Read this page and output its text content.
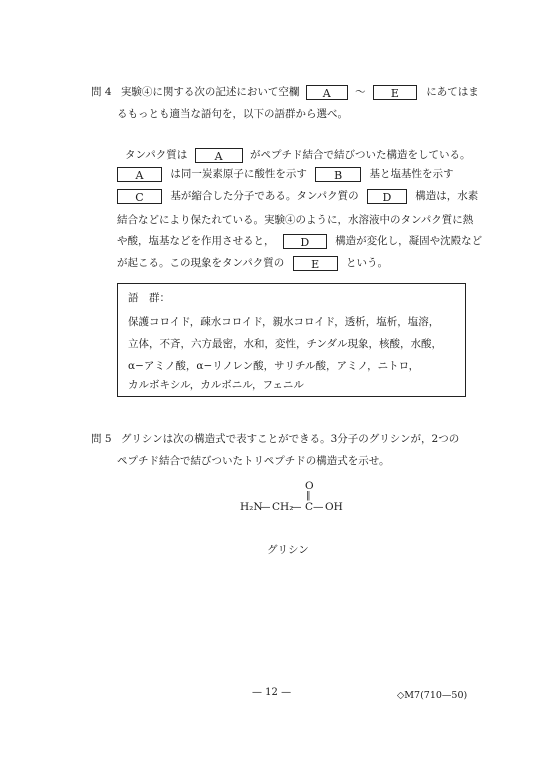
問 4 実験④に関する次の記述において空欄 A 〜 E	にあてはま
るもっとも適当な語句を，以下の語群から選べ。
タンパク質は A	がペプチド結合で結びついた構造をしている。
A	は同一炭素原子に酸性を示す B	基と塩基性を示す
C	基が縮合した分子である。タンパク質の D 構造は，水素
結合などにより保たれている。実験④のように，水溶液中のタンパク質に熱
や酸，塩基などを作用させると， D 構造が変化し，凝固や沈殿など
が起こる。この現象をタンパク質の E	という。
語　群：
保護コロイド，疎水コロイド，親水コロイド，透析，塩析，塩溶，
立体，不斉，六方最密，水和，変性，チンダル現象，核酸，水酸，
α−アミノ酸，α−リノレン酸，サリチル酸，アミノ，ニトロ，
カルボキシル，カルボニル，フェニル
問 5 グリシンは次の構造式で表すことができる。3分子のグリシンが，2つの
ペプチド結合で結びついたトリペプチドの構造式を示せ。
O
‖
H₂N
— CH₂
— C — OH
グリシン
— 12 —	◇M7(710—50)
